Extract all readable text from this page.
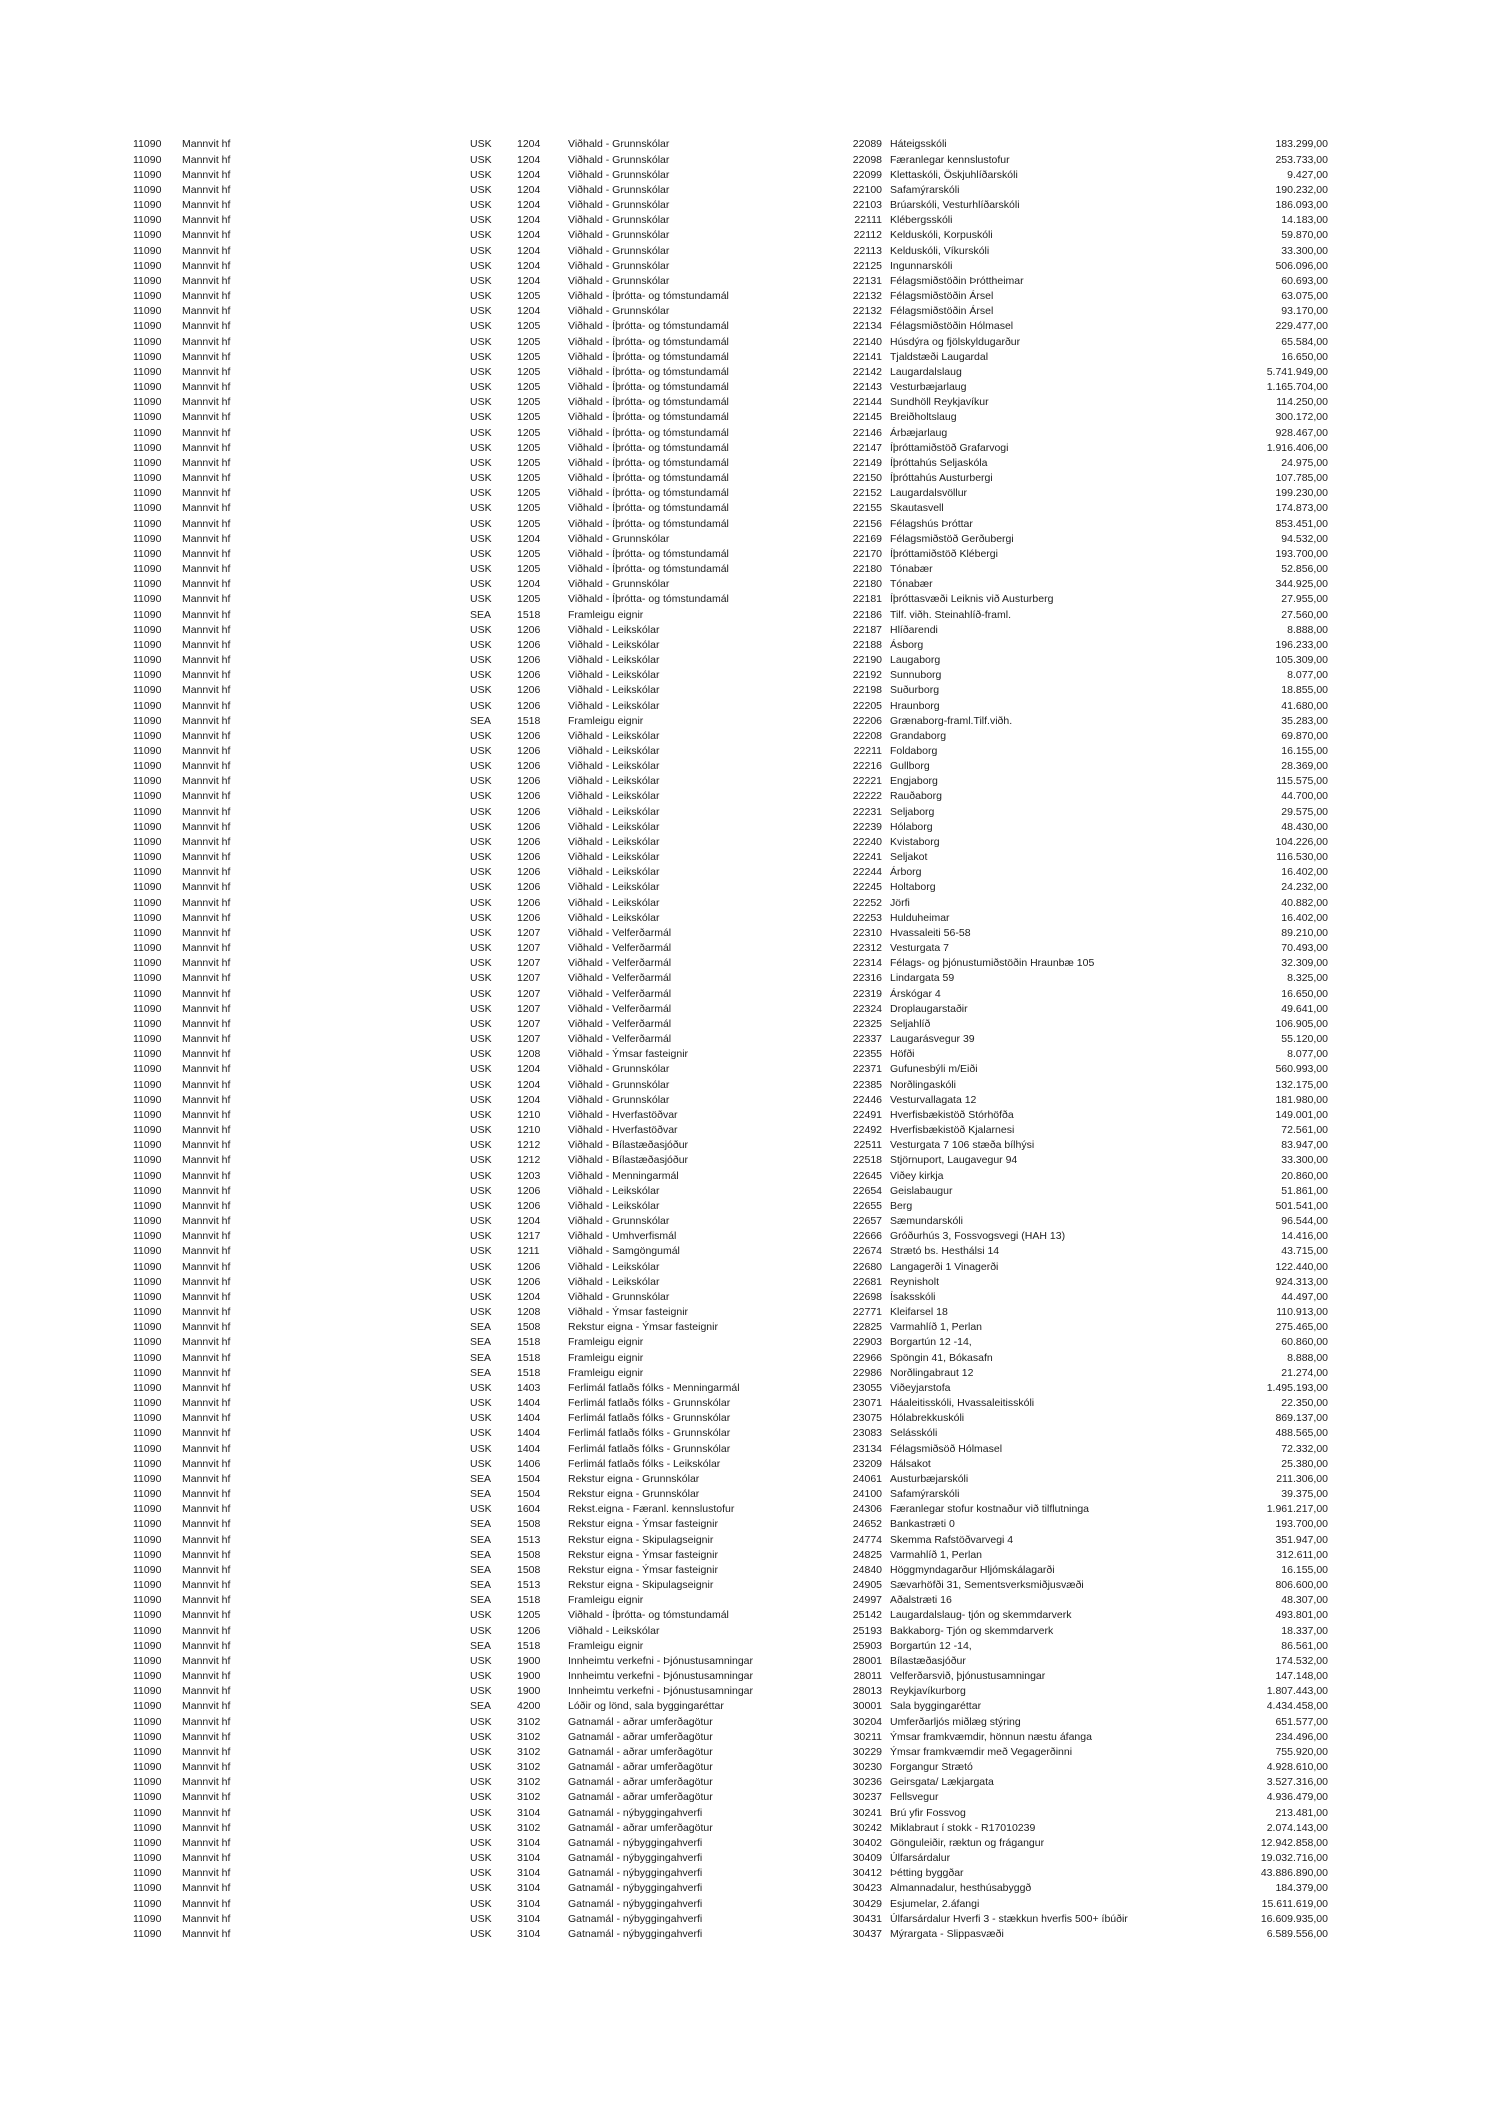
11090 Mannvit hf	USK 1204	Viðhald - Grunnskólar	22089 Háteigsskóli	183.299,00
11090 Mannvit hf	USK 1204	Viðhald - Grunnskólar	22098 Færanlegar kennslustofur	253.733,00
11090 Mannvit hf	USK 1204	Viðhald - Grunnskólar	22099 Klettaskóli, Öskjuhlíðarskóli	9.427,00
11090 Mannvit hf	USK 1204	Viðhald - Grunnskólar	22100 Safamýrarskóli	190.232,00
11090 Mannvit hf	USK 1204	Viðhald - Grunnskólar	22103 Brúarskóli, Vesturhlíðarskóli	186.093,00
11090 Mannvit hf	USK 1204	Viðhald - Grunnskólar	22111 Klébergsskóli	14.183,00
11090 Mannvit hf	USK 1204	Viðhald - Grunnskólar	22112 Kelduskóli, Korpuskóli	59.870,00
11090 Mannvit hf	USK 1204	Viðhald - Grunnskólar	22113 Kelduskóli, Víkurskóli	33.300,00
11090 Mannvit hf	USK 1204	Viðhald - Grunnskólar	22125 Ingunnarskóli	506.096,00
11090 Mannvit hf	USK 1204	Viðhald - Grunnskólar	22131 Félagsmiðstöðin Þróttheimar	60.693,00
11090 Mannvit hf	USK 1205	Viðhald - Íþrótta- og tómstundamál	22132 Félagsmiðstöðin Ársel	63.075,00
11090 Mannvit hf	USK 1204	Viðhald - Grunnskólar	22132 Félagsmiðstöðin Ársel	93.170,00
11090 Mannvit hf	USK 1205	Viðhald - Íþrótta- og tómstundamál	22134 Félagsmiðstöðin Hólmasel	229.477,00
11090 Mannvit hf	USK 1205	Viðhald - Íþrótta- og tómstundamál	22140 Húsdýra og fjölskyldugarður	65.584,00
11090 Mannvit hf	USK 1205	Viðhald - Íþrótta- og tómstundamál	22141 Tjaldstæði Laugardal	16.650,00
11090 Mannvit hf	USK 1205	Viðhald - Íþrótta- og tómstundamál	22142 Laugardalslaug	5.741.949,00
11090 Mannvit hf	USK 1205	Viðhald - Íþrótta- og tómstundamál	22143 Vesturbæjarlaug	1.165.704,00
11090 Mannvit hf	USK 1205	Viðhald - Íþrótta- og tómstundamál	22144 Sundhöll Reykjavíkur	114.250,00
11090 Mannvit hf	USK 1205	Viðhald - Íþrótta- og tómstundamál	22145 Breiðholtslaug	300.172,00
11090 Mannvit hf	USK 1205	Viðhald - Íþrótta- og tómstundamál	22146 Árbæjarlaug	928.467,00
11090 Mannvit hf	USK 1205	Viðhald - Íþrótta- og tómstundamál	22147 Íþróttamiðstöð Grafarvogi	1.916.406,00
11090 Mannvit hf	USK 1205	Viðhald - Íþrótta- og tómstundamál	22149 Íþróttahús Seljaskóla	24.975,00
11090 Mannvit hf	USK 1205	Viðhald - Íþrótta- og tómstundamál	22150 Íþróttahús Austurbergi	107.785,00
11090 Mannvit hf	USK 1205	Viðhald - Íþrótta- og tómstundamál	22152 Laugardalsvöllur	199.230,00
11090 Mannvit hf	USK 1205	Viðhald - Íþrótta- og tómstundamál	22155 Skautasvell	174.873,00
11090 Mannvit hf	USK 1205	Viðhald - Íþrótta- og tómstundamál	22156 Félagshús Þróttar	853.451,00
11090 Mannvit hf	USK 1204	Viðhald - Grunnskólar	22169 Félagsmiðstöð Gerðubergi	94.532,00
11090 Mannvit hf	USK 1205	Viðhald - Íþrótta- og tómstundamál	22170 Íþróttamiðstöð Klébergi	193.700,00
11090 Mannvit hf	USK 1205	Viðhald - Íþrótta- og tómstundamál	22180 Tónabær	52.856,00
11090 Mannvit hf	USK 1204	Viðhald - Grunnskólar	22180 Tónabær	344.925,00
11090 Mannvit hf	USK 1205	Viðhald - Íþrótta- og tómstundamál	22181 Íþróttasvæði Leiknis við Austurberg	27.955,00
11090 Mannvit hf	SEA 1518	Framleigu eignir	22186 Tilf. viðh. Steinahlíð-framl.	27.560,00
11090 Mannvit hf	USK 1206	Viðhald - Leikskólar	22187 Hlíðarendi	8.888,00
11090 Mannvit hf	USK 1206	Viðhald - Leikskólar	22188 Ásborg	196.233,00
11090 Mannvit hf	USK 1206	Viðhald - Leikskólar	22190 Laugaborg	105.309,00
11090 Mannvit hf	USK 1206	Viðhald - Leikskólar	22192 Sunnuborg	8.077,00
11090 Mannvit hf	USK 1206	Viðhald - Leikskólar	22198 Suðurborg	18.855,00
11090 Mannvit hf	USK 1206	Viðhald - Leikskólar	22205 Hraunborg	41.680,00
11090 Mannvit hf	SEA 1518	Framleigu eignir	22206 Grænaborg-framl.Tilf.viðh.	35.283,00
11090 Mannvit hf	USK 1206	Viðhald - Leikskólar	22208 Grandaborg	69.870,00
11090 Mannvit hf	USK 1206	Viðhald - Leikskólar	22211 Foldaborg	16.155,00
11090 Mannvit hf	USK 1206	Viðhald - Leikskólar	22216 Gullborg	28.369,00
11090 Mannvit hf	USK 1206	Viðhald - Leikskólar	22221 Engjaborg	115.575,00
11090 Mannvit hf	USK 1206	Viðhald - Leikskólar	22222 Rauðaborg	44.700,00
11090 Mannvit hf	USK 1206	Viðhald - Leikskólar	22231 Seljaborg	29.575,00
11090 Mannvit hf	USK 1206	Viðhald - Leikskólar	22239 Hólaborg	48.430,00
11090 Mannvit hf	USK 1206	Viðhald - Leikskólar	22240 Kvistaborg	104.226,00
11090 Mannvit hf	USK 1206	Viðhald - Leikskólar	22241 Seljakot	116.530,00
11090 Mannvit hf	USK 1206	Viðhald - Leikskólar	22244 Árborg	16.402,00
11090 Mannvit hf	USK 1206	Viðhald - Leikskólar	22245 Holtaborg	24.232,00
11090 Mannvit hf	USK 1206	Viðhald - Leikskólar	22252 Jörfi	40.882,00
11090 Mannvit hf	USK 1206	Viðhald - Leikskólar	22253 Hulduheimar	16.402,00
11090 Mannvit hf	USK 1207	Viðhald - Velferðarmál	22310 Hvassaleiti 56-58	89.210,00
11090 Mannvit hf	USK 1207	Viðhald - Velferðarmál	22312 Vesturgata 7	70.493,00
11090 Mannvit hf	USK 1207	Viðhald - Velferðarmál	22314 Félags- og þjónustumiðstöðin Hraunbæ 105	32.309,00
11090 Mannvit hf	USK 1207	Viðhald - Velferðarmál	22316 Lindargata 59	8.325,00
11090 Mannvit hf	USK 1207	Viðhald - Velferðarmál	22319 Árskógar 4	16.650,00
11090 Mannvit hf	USK 1207	Viðhald - Velferðarmál	22324 Droplaugarstaðir	49.641,00
11090 Mannvit hf	USK 1207	Viðhald - Velferðarmál	22325 Seljahlíð	106.905,00
11090 Mannvit hf	USK 1207	Viðhald - Velferðarmál	22337 Laugarásvegur 39	55.120,00
11090 Mannvit hf	USK 1208	Viðhald - Ýmsar fasteignir	22355 Höfði	8.077,00
11090 Mannvit hf	USK 1204	Viðhald - Grunnskólar	22371 Gufunesbýli m/Eiði	560.993,00
11090 Mannvit hf	USK 1204	Viðhald - Grunnskólar	22385 Norðlingaskóli	132.175,00
11090 Mannvit hf	USK 1204	Viðhald - Grunnskólar	22446 Vesturvallagata 12	181.980,00
11090 Mannvit hf	USK 1210	Viðhald - Hverfastöðvar	22491 Hverfisbækistöð Stórhöfða	149.001,00
11090 Mannvit hf	USK 1210	Viðhald - Hverfastöðvar	22492 Hverfisbækistöð Kjalarnesi	72.561,00
11090 Mannvit hf	USK 1212	Viðhald - Bílastæðasjóður	22511 Vesturgata 7 106 stæða bílhýsi	83.947,00
11090 Mannvit hf	USK 1212	Viðhald - Bílastæðasjóður	22518 Stjörnuport, Laugavegur 94	33.300,00
11090 Mannvit hf	USK 1203	Viðhald - Menningarmál	22645 Viðey kirkja	20.860,00
11090 Mannvit hf	USK 1206	Viðhald - Leikskólar	22654 Geislabaugur	51.861,00
11090 Mannvit hf	USK 1206	Viðhald - Leikskólar	22655 Berg	501.541,00
11090 Mannvit hf	USK 1204	Viðhald - Grunnskólar	22657 Sæmundarskóli	96.544,00
11090 Mannvit hf	USK 1217	Viðhald - Umhverfismál	22666 Gróðurhús 3, Fossvogsvegi (HAH 13)	14.416,00
11090 Mannvit hf	USK 1211	Viðhald - Samgöngumál	22674 Strætó bs. Hesthálsi 14	43.715,00
11090 Mannvit hf	USK 1206	Viðhald - Leikskólar	22680 Langagerði 1 Vinagerði	122.440,00
11090 Mannvit hf	USK 1206	Viðhald - Leikskólar	22681 Reynisholt	924.313,00
11090 Mannvit hf	USK 1204	Viðhald - Grunnskólar	22698 Ísaksskóli	44.497,00
11090 Mannvit hf	USK 1208	Viðhald - Ýmsar fasteignir	22771 Kleifarsel 18	110.913,00
11090 Mannvit hf	SEA 1508	Rekstur eigna - Ýmsar fasteignir	22825 Varmahlíð 1, Perlan	275.465,00
11090 Mannvit hf	SEA 1518	Framleigu eignir	22903 Borgartún 12 -14,	60.860,00
11090 Mannvit hf	SEA 1518	Framleigu eignir	22966 Spöngin 41, Bókasafn	8.888,00
11090 Mannvit hf	SEA 1518	Framleigu eignir	22986 Norðlingabraut 12	21.274,00
11090 Mannvit hf	USK 1403	Ferlimál fatlaðs fólks - Menningarmál	23055 Viðeyjarstofa	1.495.193,00
11090 Mannvit hf	USK 1404	Ferlimál fatlaðs fólks - Grunnskólar	23071 Háaleitisskóli, Hvassaleitisskóli	22.350,00
11090 Mannvit hf	USK 1404	Ferlimál fatlaðs fólks - Grunnskólar	23075 Hólabrekkuskóli	869.137,00
11090 Mannvit hf	USK 1404	Ferlimál fatlaðs fólks - Grunnskólar	23083 Selásskóli	488.565,00
11090 Mannvit hf	USK 1404	Ferlimál fatlaðs fólks - Grunnskólar	23134 Félagsmiðsöð Hólmasel	72.332,00
11090 Mannvit hf	USK 1406	Ferlimál fatlaðs fólks - Leikskólar	23209 Hálsakot	25.380,00
11090 Mannvit hf	SEA 1504	Rekstur eigna - Grunnskólar	24061 Austurbæjarskóli	211.306,00
11090 Mannvit hf	SEA 1504	Rekstur eigna - Grunnskólar	24100 Safamýrarskóli	39.375,00
11090 Mannvit hf	USK 1604	Rekst.eigna - Færanl. kennslustofur	24306 Færanlegar stofur kostnaður við tilflutninga	1.961.217,00
11090 Mannvit hf	SEA 1508	Rekstur eigna - Ýmsar fasteignir	24652 Bankastræti 0	193.700,00
11090 Mannvit hf	SEA 1513	Rekstur eigna - Skipulagseignir	24774 Skemma Rafstöðvarvegi 4	351.947,00
11090 Mannvit hf	SEA 1508	Rekstur eigna - Ýmsar fasteignir	24825 Varmahlíð 1, Perlan	312.611,00
11090 Mannvit hf	SEA 1508	Rekstur eigna - Ýmsar fasteignir	24840 Höggmyndagarður Hljómskálagarði	16.155,00
11090 Mannvit hf	SEA 1513	Rekstur eigna - Skipulagseignir	24905 Sævarhöfði 31, Sementsverksmiðjusvæði	806.600,00
11090 Mannvit hf	SEA 1518	Framleigu eignir	24997 Aðalstræti 16	48.307,00
11090 Mannvit hf	USK 1205	Viðhald - Íþrótta- og tómstundamál	25142 Laugardalslaug- tjón og skemmdarverk	493.801,00
11090 Mannvit hf	USK 1206	Viðhald - Leikskólar	25193 Bakkaborg- Tjón og skemmdarverk	18.337,00
11090 Mannvit hf	SEA 1518	Framleigu eignir	25903 Borgartún 12 -14,	86.561,00
11090 Mannvit hf	USK 1900	Innheimtu verkefni - Þjónustusamningar	28001 Bílastæðasjóður	174.532,00
11090 Mannvit hf	USK 1900	Innheimtu verkefni - Þjónustusamningar	28011 Velferðarsvið, þjónustusamningar	147.148,00
11090 Mannvit hf	USK 1900	Innheimtu verkefni - Þjónustusamningar	28013 Reykjavíkurborg	1.807.443,00
11090 Mannvit hf	SEA 4200	Lóðir og lönd, sala byggingaréttar	30001 Sala byggingaréttar	4.434.458,00
11090 Mannvit hf	USK 3102	Gatnamál - aðrar umferðagötur	30204 Umferðarljós miðlæg stýring	651.577,00
11090 Mannvit hf	USK 3102	Gatnamál - aðrar umferðagötur	30211 Ýmsar framkvæmdir, hönnun næstu áfanga	234.496,00
11090 Mannvit hf	USK 3102	Gatnamál - aðrar umferðagötur	30229 Ýmsar framkvæmdir með Vegagerðinni	755.920,00
11090 Mannvit hf	USK 3102	Gatnamál - aðrar umferðagötur	30230 Forgangur Strætó	4.928.610,00
11090 Mannvit hf	USK 3102	Gatnamál - aðrar umferðagötur	30236 Geirsgata/ Lækjargata	3.527.316,00
11090 Mannvit hf	USK 3102	Gatnamál - aðrar umferðagötur	30237 Fellsvegur	4.936.479,00
11090 Mannvit hf	USK 3104	Gatnamál - nýbyggingahverfi	30241 Brú yfir Fossvog	213.481,00
11090 Mannvit hf	USK 3102	Gatnamál - aðrar umferðagötur	30242 Miklabraut í stokk - R17010239	2.074.143,00
11090 Mannvit hf	USK 3104	Gatnamál - nýbyggingahverfi	30402 Gönguleiðir, ræktun og frágangur	12.942.858,00
11090 Mannvit hf	USK 3104	Gatnamál - nýbyggingahverfi	30409 Úlfarsárdalur	19.032.716,00
11090 Mannvit hf	USK 3104	Gatnamál - nýbyggingahverfi	30412 Þétting byggðar	43.886.890,00
11090 Mannvit hf	USK 3104	Gatnamál - nýbyggingahverfi	30423 Almannadalur, hesthúsabyggð	184.379,00
11090 Mannvit hf	USK 3104	Gatnamál - nýbyggingahverfi	30429 Esjumelar, 2.áfangi	15.611.619,00
11090 Mannvit hf	USK 3104	Gatnamál - nýbyggingahverfi	30431 Úlfarsárdalur Hverfi 3 - stækkun hverfis 500+ íbúðir	16.609.935,00
11090 Mannvit hf	USK 3104	Gatnamál - nýbyggingahverfi	30437 Mýrargata - Slippasvæði	6.589.556,00
